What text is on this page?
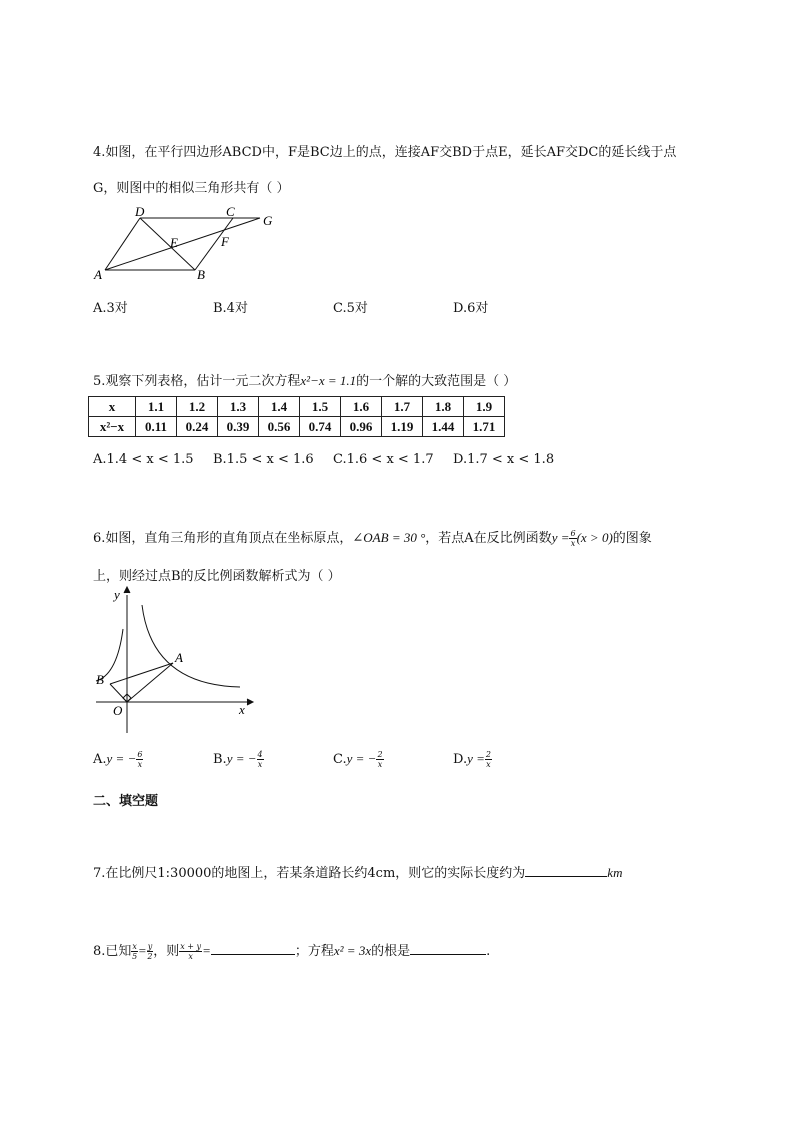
4.如图，在平行四边形ABCD中，F是BC边上的点，连接AF交BD于点E，延长AF交DC的延长线于点
G，则图中的相似三角形共有（ ）
D	C
G
E	F
A	B
A.3对	B.4对	C.5对	D.6对
5.观察下列表格，估计一元二次方程x²−x = 1.1的一个解的大致范围是（ ）
x	1.1	1.2	1.3	1.4	1.5	1.6	1.7	1.8	1.9
x²−x	0.11	0.24	0.39	0.56	0.74	0.96	1.19	1.44	1.71
A.1.4 < x < 1.5 B.1.5 < x < 1.6 C.1.6 < x < 1.7 D.1.7 < x < 1.8
6.如图，直角三角形的直角顶点在坐标原点，∠OAB = 30 °，若点A在反比例函数$y = \frac{6}{x} (x > 0)$的图象
上，则经过点B的反比例函数解析式为（ ）
y
x
A
B
O
A.y = − $\frac{6}{x}$	B.y = − $\frac{4}{x}$	C.y = − $\frac{2}{x}$	$D.y = \frac{2}{x}$
二、填空题
7.在比例尺1:30000的地图上，若某条道路长约4cm，则它的实际长度约为	km
8.已知 $\frac{x}{5} = \frac{y}{2}$ ，则 $\frac{x + y}{x}$ =	；方程x² = 3x的根是	.
